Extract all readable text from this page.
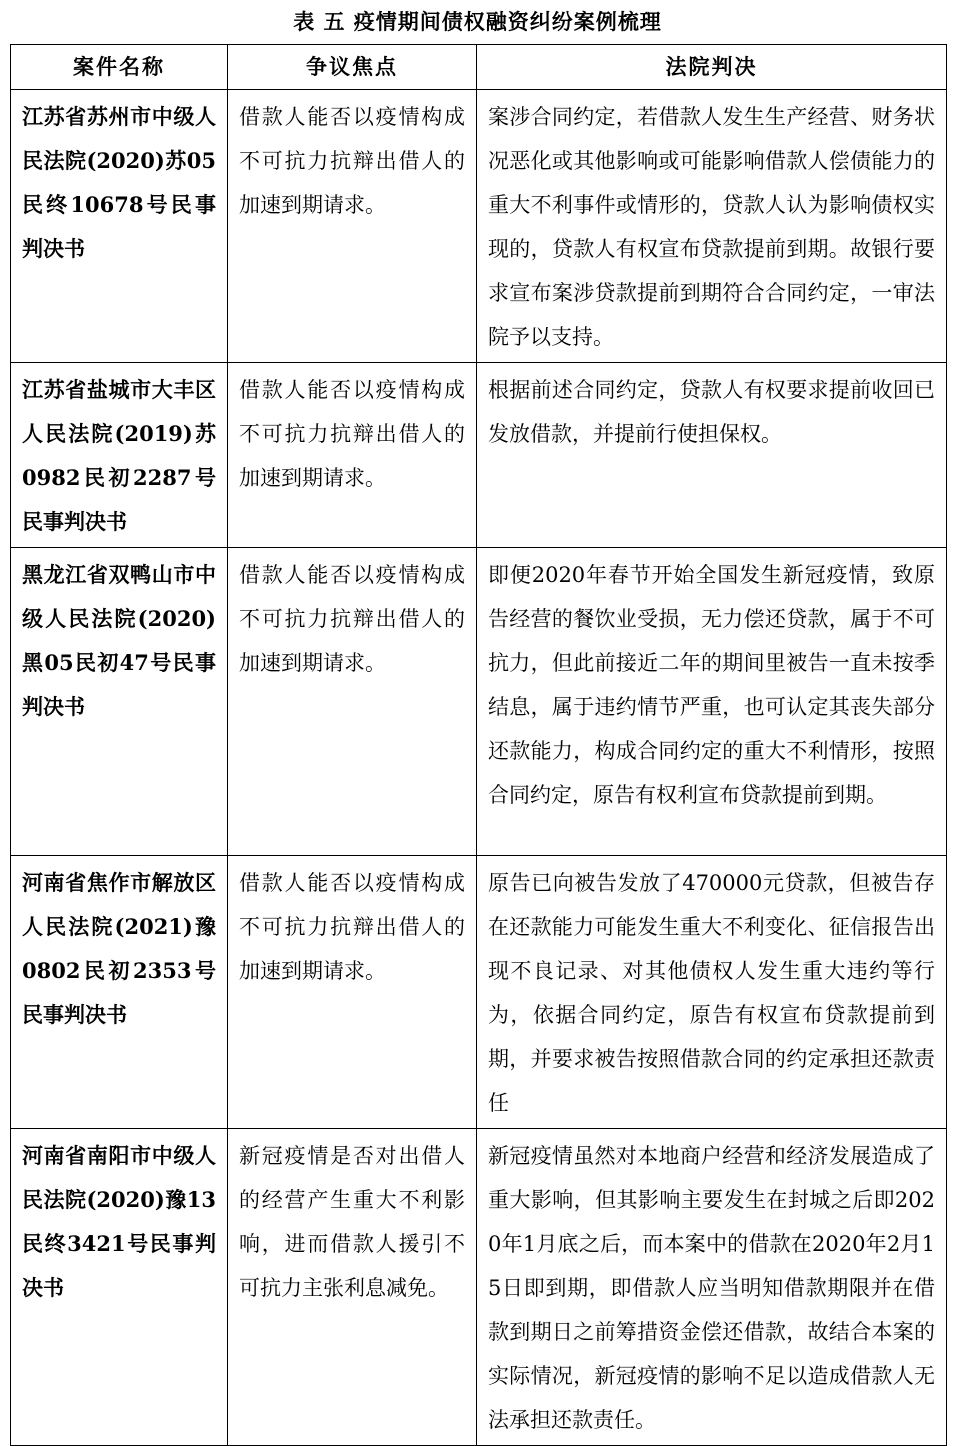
表 五 疫情期间债权融资纠纷案例梳理
案件名称	争议焦点	法院判决
江苏省苏州市中级人民法院(2020)苏05民终10678号民事判决书	借款人能否以疫情构成不可抗力抗辩出借人的加速到期请求。	案涉合同约定，若借款人发生生产经营、财务状况恶化或其他影响或可能影响借款人偿债能力的重大不利事件或情形的，贷款人认为影响债权实现的，贷款人有权宣布贷款提前到期。故银行要求宣布案涉贷款提前到期符合合同约定，一审法院予以支持。
江苏省盐城市大丰区人民法院(2019)苏0982民初2287号民事判决书	借款人能否以疫情构成不可抗力抗辩出借人的加速到期请求。	根据前述合同约定，贷款人有权要求提前收回已发放借款，并提前行使担保权。
黑龙江省双鸭山市中级人民法院(2020)黑05民初47号民事判决书	借款人能否以疫情构成不可抗力抗辩出借人的加速到期请求。	即便2020年春节开始全国发生新冠疫情，致原告经营的餐饮业受损，无力偿还贷款，属于不可抗力，但此前接近二年的期间里被告一直未按季结息，属于违约情节严重，也可认定其丧失部分还款能力，构成合同约定的重大不利情形，按照合同约定，原告有权利宣布贷款提前到期。
河南省焦作市解放区人民法院(2021)豫0802民初2353号民事判决书	借款人能否以疫情构成不可抗力抗辩出借人的加速到期请求。	原告已向被告发放了470000元贷款，但被告存在还款能力可能发生重大不利变化、征信报告出现不良记录、对其他债权人发生重大违约等行为，依据合同约定，原告有权宣布贷款提前到期，并要求被告按照借款合同的约定承担还款责任
河南省南阳市中级人民法院(2020)豫13民终3421号民事判决书	新冠疫情是否对出借人的经营产生重大不利影响，进而借款人援引不可抗力主张利息减免。	新冠疫情虽然对本地商户经营和经济发展造成了重大影响，但其影响主要发生在封城之后即2020年1月底之后，而本案中的借款在2020年2月15日即到期，即借款人应当明知借款期限并在借款到期日之前筹措资金偿还借款，故结合本案的实际情况，新冠疫情的影响不足以造成借款人无法承担还款责任。
